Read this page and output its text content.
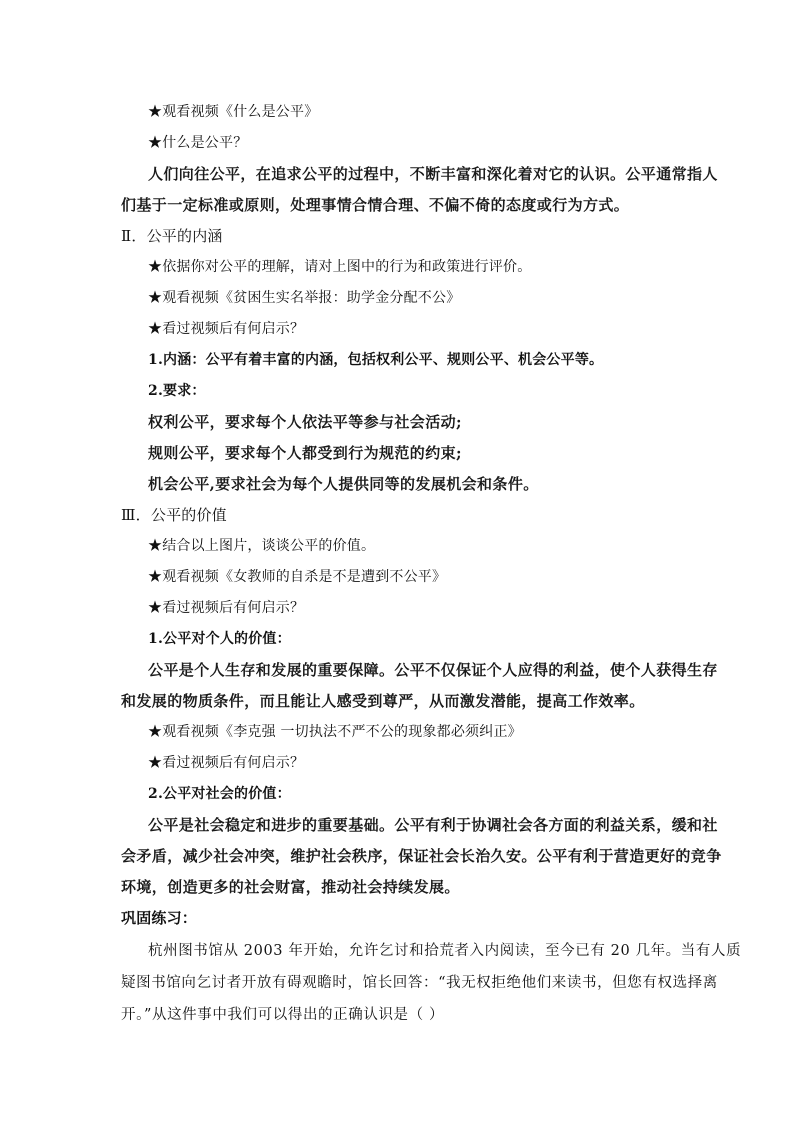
★观看视频《什么是公平》
★什么是公平？
人们向往公平，在追求公平的过程中，不断丰富和深化着对它的认识。公平通常指人
们基于一定标准或原则，处理事情合情合理、不偏不倚的态度或行为方式。
Ⅱ．公平的内涵
★依据你对公平的理解，请对上图中的行为和政策进行评价。
★观看视频《贫困生实名举报：助学金分配不公》
★看过视频后有何启示？
1.内涵：公平有着丰富的内涵，包括权利公平、规则公平、机会公平等。
2.要求：
权利公平，要求每个人依法平等参与社会活动;
规则公平，要求每个人都受到行为规范的约束;
机会公平,要求社会为每个人提供同等的发展机会和条件。
Ⅲ．公平的价值
★结合以上图片，谈谈公平的价值。
★观看视频《女教师的自杀是不是遭到不公平》
★看过视频后有何启示？
1.公平对个人的价值：
公平是个人生存和发展的重要保障。公平不仅保证个人应得的利益，使个人获得生存
和发展的物质条件，而且能让人感受到尊严，从而激发潜能，提高工作效率。
★观看视频《李克强 一切执法不严不公的现象都必须纠正》
★看过视频后有何启示？
2.公平对社会的价值：
公平是社会稳定和进步的重要基础。公平有利于协调社会各方面的利益关系，缓和社
会矛盾，减少社会冲突，维护社会秩序，保证社会长治久安。公平有利于营造更好的竞争
环境，创造更多的社会财富，推动社会持续发展。
巩固练习：
杭州图书馆从 2003 年开始，允许乞讨和拾荒者入内阅读，至今已有 20 几年。当有人质
疑图书馆向乞讨者开放有碍观瞻时，馆长回答：“我无权拒绝他们来读书，但您有权选择离
开。”从这件事中我们可以得出的正确认识是（ ）
